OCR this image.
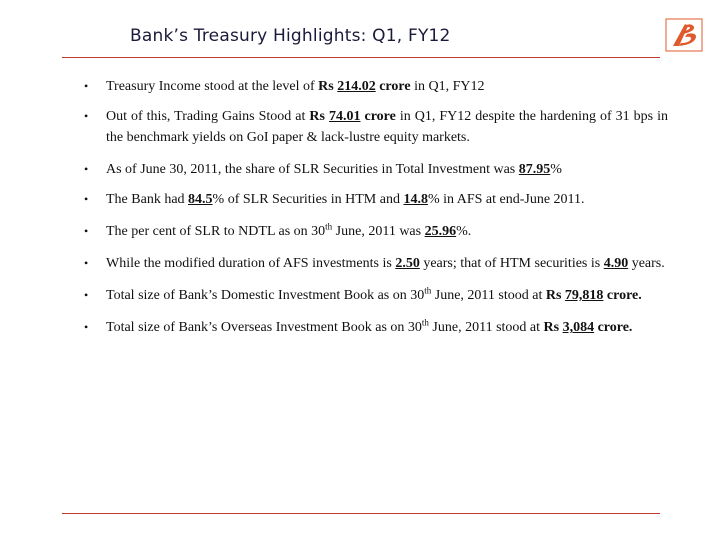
Bank’s Treasury Highlights: Q1, FY12
• Treasury Income stood at the level of Rs 214.02 crore in Q1, FY12
• Out of this, Trading Gains Stood at Rs 74.01 crore in Q1, FY12 despite the hardening of 31 bps in the benchmark yields on GoI paper & lack-lustre equity markets.
• As of June 30, 2011, the share of SLR Securities in Total Investment was 87.95%
• The Bank had 84.5% of SLR Securities in HTM and 14.8% in AFS at end-June 2011.
• The per cent of SLR to NDTL as on 30th June, 2011 was 25.96%.
• While the modified duration of AFS investments is 2.50 years; that of HTM securities is 4.90 years.
• Total size of Bank’s Domestic Investment Book as on 30th June, 2011 stood at Rs 79,818 crore.
• Total size of Bank’s Overseas Investment Book as on 30th June, 2011 stood at Rs 3,084 crore.
